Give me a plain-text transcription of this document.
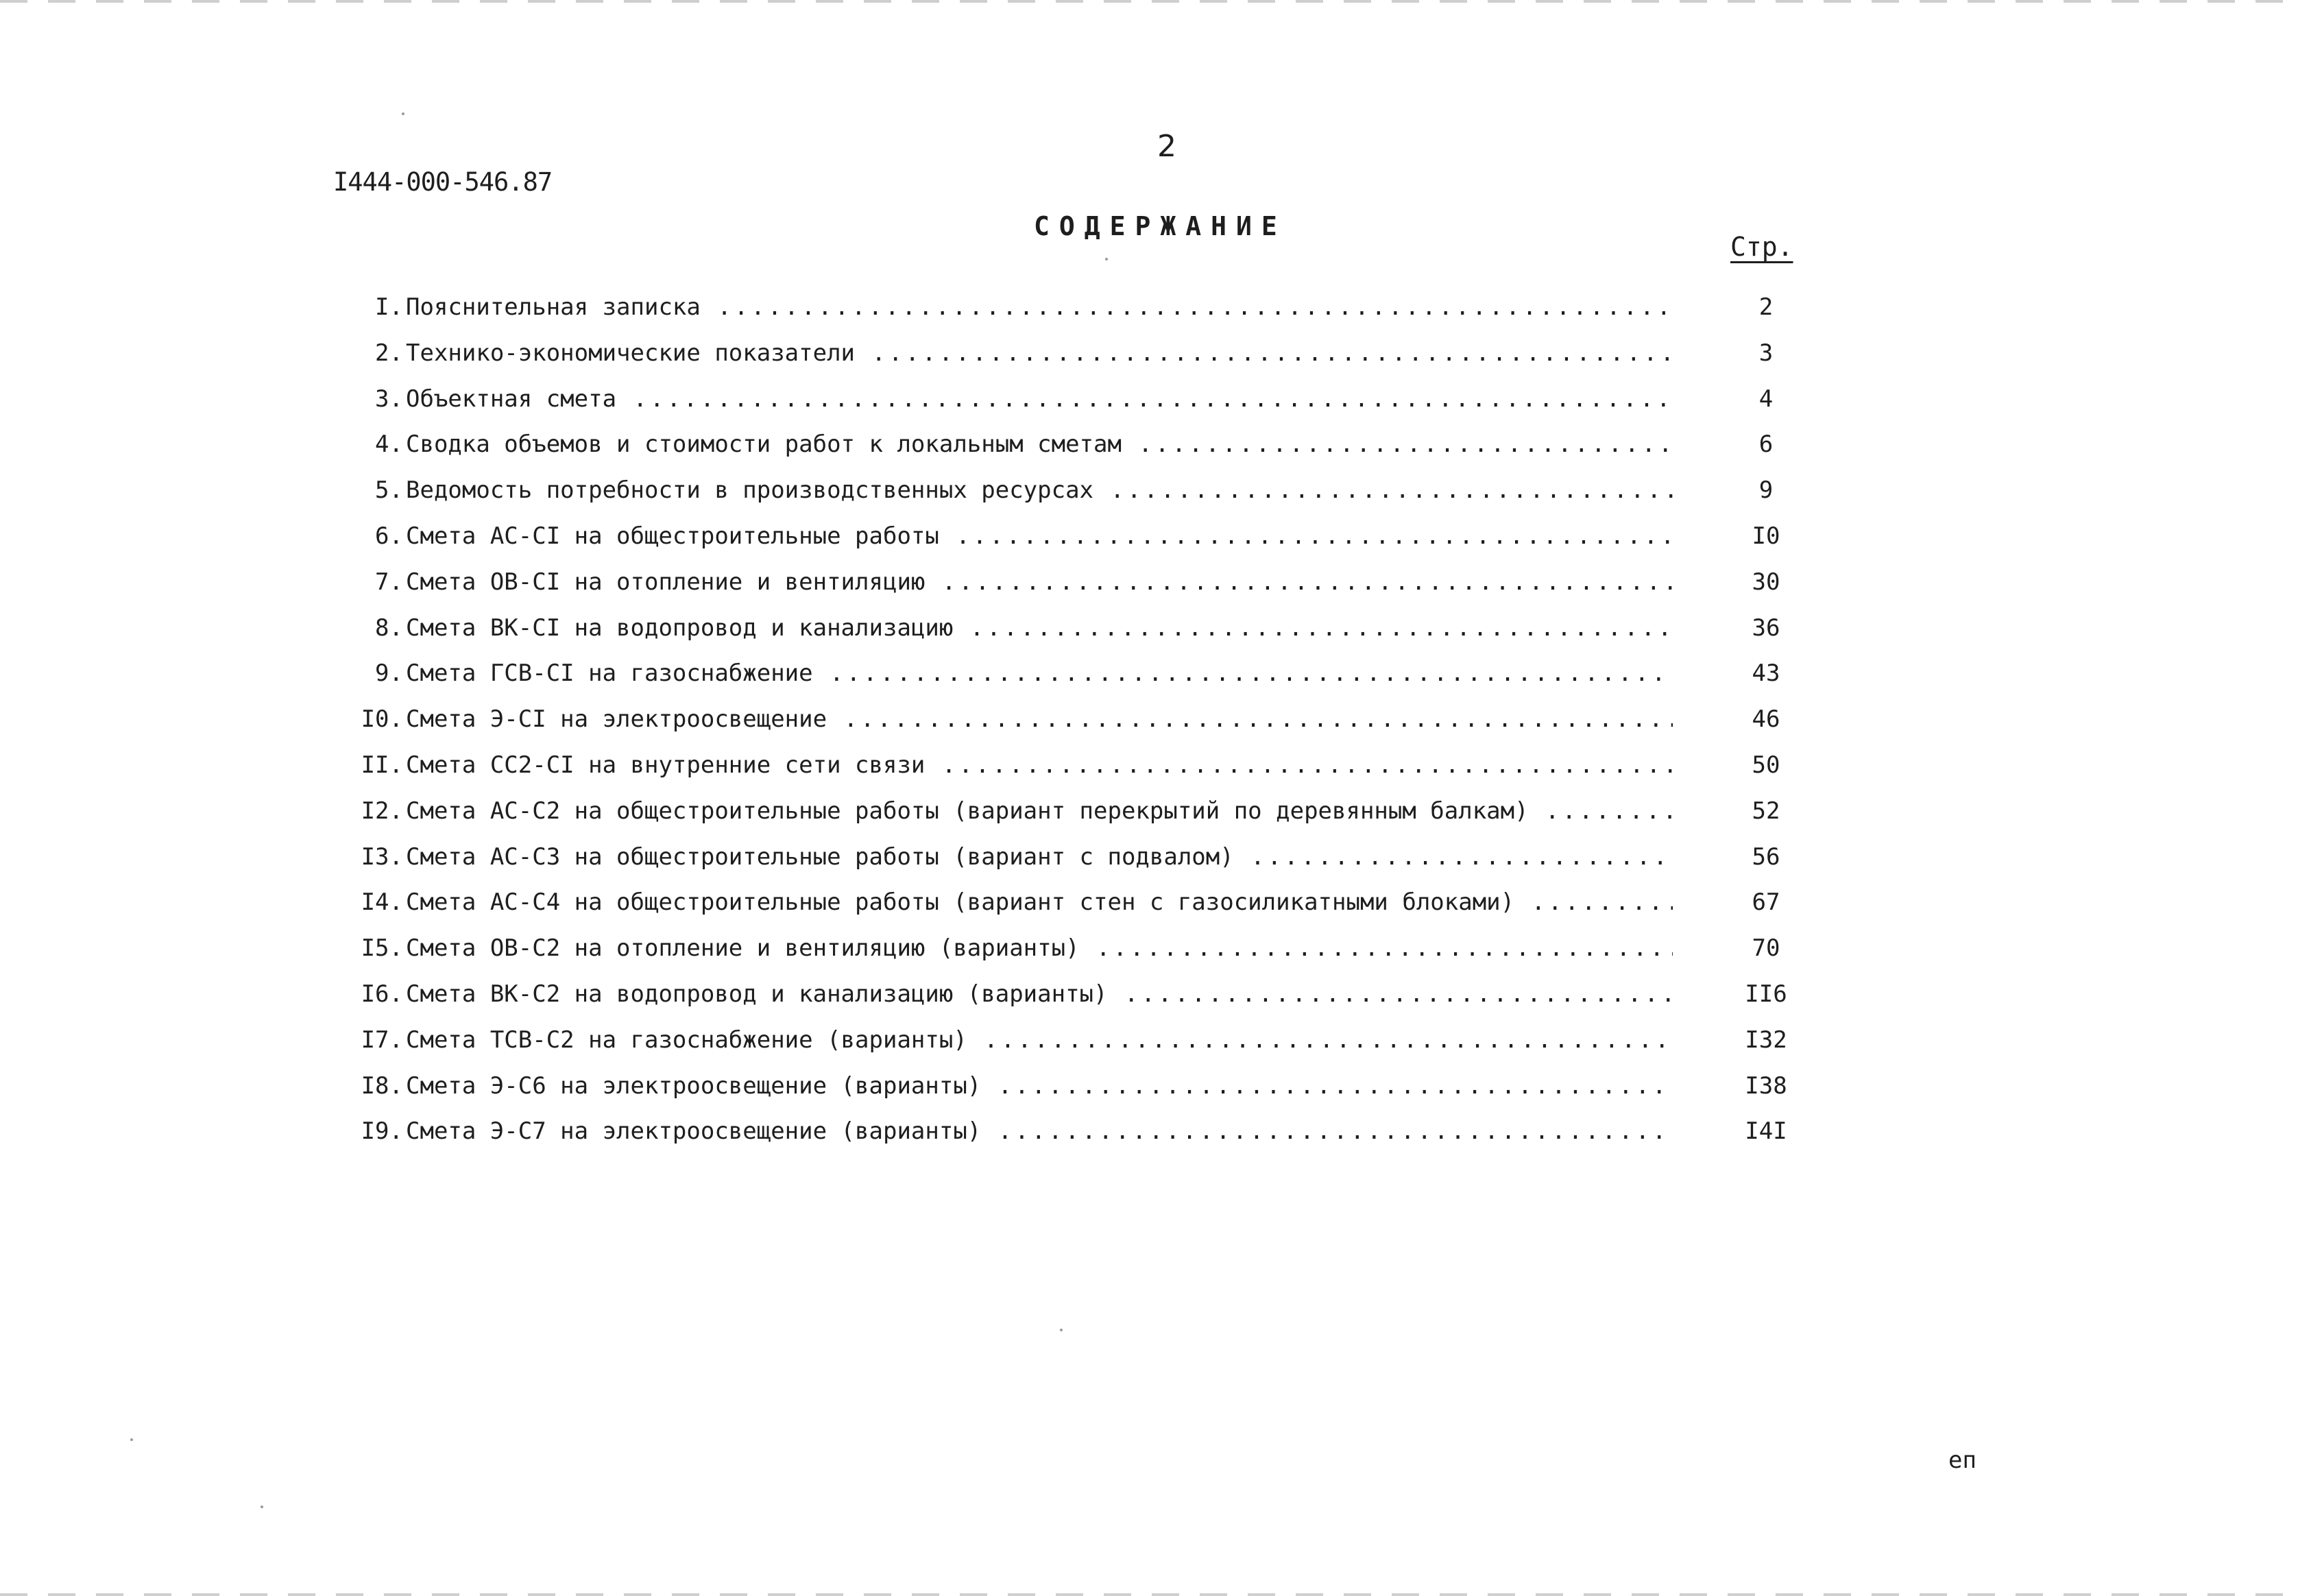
2
I444-000-546.87
СОДЕРЖАНИЕ
Стр.
I. Пояснительная записка .....	2
2. Технико-экономические показатели .....	3
3. Объектная смета .....	4
4. Сводка объемов и стоимости работ к локальным сметам .....	6
5. Ведомость потребности в производственных ресурсах .....	9
6. Смета АС-СI на общестроительные работы .....	I0
7. Смета ОВ-СI на отопление и вентиляцию .....	30
8. Смета ВК-СI на водопровод и канализацию .....	36
9. Смета ГСВ-СI на газоснабжение .....	43
I0. Смета Э-СI на электроосвещение .....	46
II. Смета СС2-СI на внутренние сети связи .....	50
I2. Смета АС-С2 на общестроительные работы (вариант перекрытий по деревянным балкам) .....	52
I3. Смета АС-С3 на общестроительные работы (вариант с подвалом) .....	56
I4. Смета АС-С4 на общестроительные работы (вариант стен с газосиликатными блоками) .....	67
I5. Смета ОВ-С2 на отопление и вентиляцию (варианты) .....	70
I6. Смета ВК-С2 на водопровод и канализацию (варианты) .....	II6
I7. Смета ТСВ-С2 на газоснабжение (варианты) .....	I32
I8. Смета Э-С6 на электроосвещение (варианты) .....	I38
I9. Смета Э-С7 на электроосвещение (варианты) .....	I4I
еп
